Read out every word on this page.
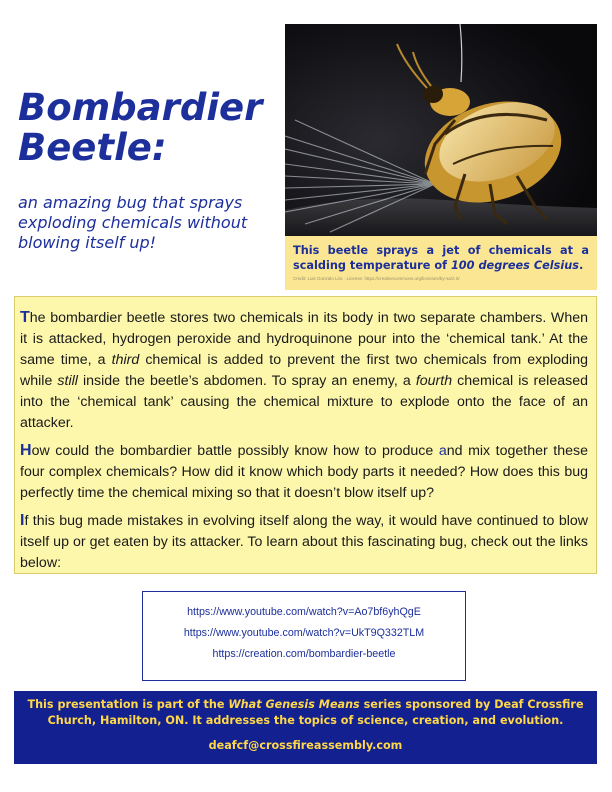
Bombardier
Beetle:
an amazing bug that sprays exploding chemicals without blowing itself up!	This beetle sprays a jet of chemicals at a scalding temperature of 100 degrees Celsius.
Credit: Luis Gonzalo Lira · License: https://creativecommons.org/licenses/by-sa/2.0/

The bombardier beetle stores two chemicals in its body in two separate chambers. When it is attacked, hydrogen peroxide and hydroquinone pour into the ‘chemical tank.’ At the same time, a third chemical is added to prevent the first two chemicals from exploding while still inside the beetle’s abdomen. To spray an enemy, a fourth chemical is released into the ‘chemical tank’ causing the chemical mixture to explode onto the face of an attacker.

How could the bombardier battle possibly know how to produce and mix together these four complex chemicals? How did it know which body parts it needed? How does this bug perfectly time the chemical mixing so that it doesn’t blow itself up?

If this bug made mistakes in evolving itself along the way, it would have continued to blow itself up or get eaten by its attacker. To learn about this fascinating bug, check out the links below:

https://www.youtube.com/watch?v=Ao7bf6yhQgE
https://www.youtube.com/watch?v=UkT9Q332TLM
https://creation.com/bombardier-beetle
This presentation is part of the What Genesis Means series sponsored by Deaf Crossfire Church, Hamilton, ON. It addresses the topics of science, creation, and evolution.
deafcf@crossfireassembly.com
